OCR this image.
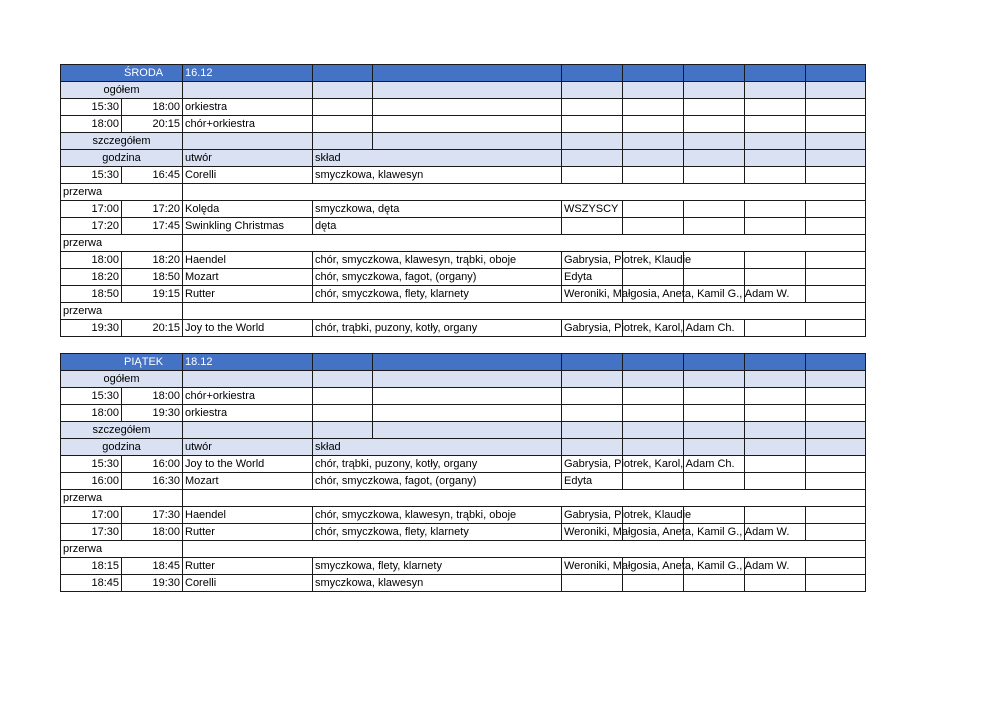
	ŚRODA	16.12							
ogółem									
15:30	18:00	orkiestra							
18:00	20:15	chór+orkiestra							
szczegółem									
godzina		utwór	skład						
15:30	16:45	Corelli	smyczkowa, klawesyn						
przerwa									
17:00	17:20	Kolęda	smyczkowa, dęta		WSZYSCY				
17:20	17:45	Swinkling Christmas	dęta						
przerwa									
18:00	18:20	Haendel	chór, smyczkowa, klawesyn, trąbki, oboje		Gabrysia, Piotrek, Klaudie				
18:20	18:50	Mozart	chór, smyczkowa, fagot, (organy)		Edyta				
18:50	19:15	Rutter	chór, smyczkowa, flety, klarnety		Weroniki, Małgosia, Aneta, Kamil G., Adam W.				
przerwa									
19:30	20:15	Joy to the World	chór, trąbki, puzony, kotły, organy		Gabrysia, Piotrek, Karol, Adam Ch.				

	PIĄTEK	18.12							
ogółem									
15:30	18:00	chór+orkiestra							
18:00	19:30	orkiestra							
szczegółem									
godzina		utwór	skład						
15:30	16:00	Joy to the World	chór, trąbki, puzony, kotły, organy		Gabrysia, Piotrek, Karol, Adam Ch.				
16:00	16:30	Mozart	chór, smyczkowa, fagot, (organy)		Edyta				
przerwa									
17:00	17:30	Haendel	chór, smyczkowa, klawesyn, trąbki, oboje		Gabrysia, Piotrek, Klaudie				
17:30	18:00	Rutter	chór, smyczkowa, flety, klarnety		Weroniki, Małgosia, Aneta, Kamil G., Adam W.				
przerwa									
18:15	18:45	Rutter	smyczkowa, flety, klarnety		Weroniki, Małgosia, Aneta, Kamil G., Adam W.				
18:45	19:30	Corelli	smyczkowa, klawesyn						
